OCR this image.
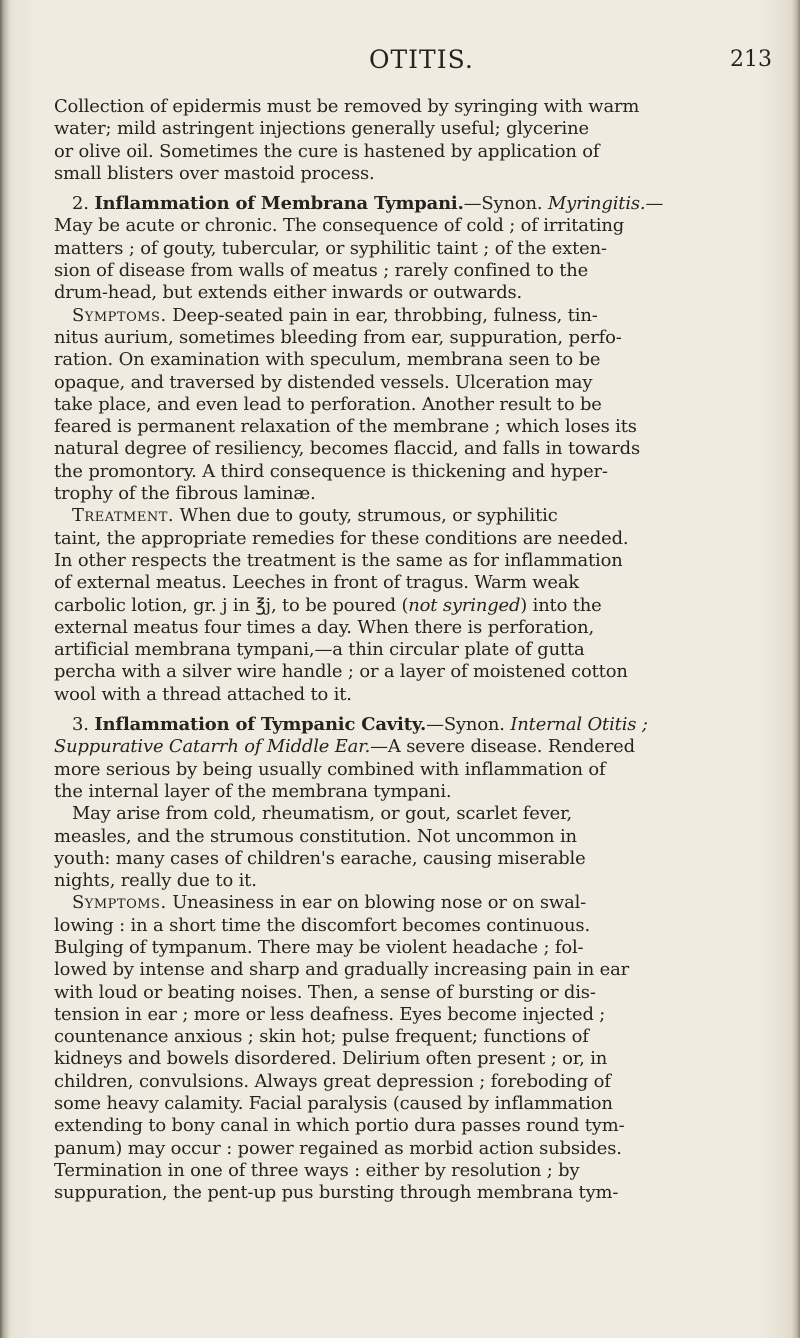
OTITIS.	213
Collection of epidermis must be removed by syringing with warm
water; mild astringent injections generally useful; glycerine
or olive oil. Sometimes the cure is hastened by application of
small blisters over mastoid process.
2. Inflammation of Membrana Tympani.—Synon. Myringitis.—
May be acute or chronic. The consequence of cold ; of irritating
matters ; of gouty, tubercular, or syphilitic taint ; of the exten-
sion of disease from walls of meatus ; rarely confined to the
drum-head, but extends either inwards or outwards.
Symptoms. Deep-seated pain in ear, throbbing, fulness, tin-
nitus aurium, sometimes bleeding from ear, suppuration, perfo-
ration. On examination with speculum, membrana seen to be
opaque, and traversed by distended vessels. Ulceration may
take place, and even lead to perforation. Another result to be
feared is permanent relaxation of the membrane ; which loses its
natural degree of resiliency, becomes flaccid, and falls in towards
the promontory. A third consequence is thickening and hyper-
trophy of the fibrous laminæ.
Treatment. When due to gouty, strumous, or syphilitic
taint, the appropriate remedies for these conditions are needed.
In other respects the treatment is the same as for inflammation
of external meatus. Leeches in front of tragus. Warm weak
carbolic lotion, gr. j in ℥j, to be poured (not syringed) into the
external meatus four times a day. When there is perforation,
artificial membrana tympani,—a thin circular plate of gutta
percha with a silver wire handle ; or a layer of moistened cotton
wool with a thread attached to it.
3. Inflammation of Tympanic Cavity.—Synon. Internal Otitis ;
Suppurative Catarrh of Middle Ear.—A severe disease. Rendered
more serious by being usually combined with inflammation of
the internal layer of the membrana tympani.
May arise from cold, rheumatism, or gout, scarlet fever,
measles, and the strumous constitution. Not uncommon in
youth: many cases of children's earache, causing miserable
nights, really due to it.
Symptoms. Uneasiness in ear on blowing nose or on swal-
lowing : in a short time the discomfort becomes continuous.
Bulging of tympanum. There may be violent headache ; fol-
lowed by intense and sharp and gradually increasing pain in ear
with loud or beating noises. Then, a sense of bursting or dis-
tension in ear ; more or less deafness. Eyes become injected ;
countenance anxious ; skin hot; pulse frequent; functions of
kidneys and bowels disordered. Delirium often present ; or, in
children, convulsions. Always great depression ; foreboding of
some heavy calamity. Facial paralysis (caused by inflammation
extending to bony canal in which portio dura passes round tym-
panum) may occur : power regained as morbid action subsides.
Termination in one of three ways : either by resolution ; by
suppuration, the pent-up pus bursting through membrana tym-
